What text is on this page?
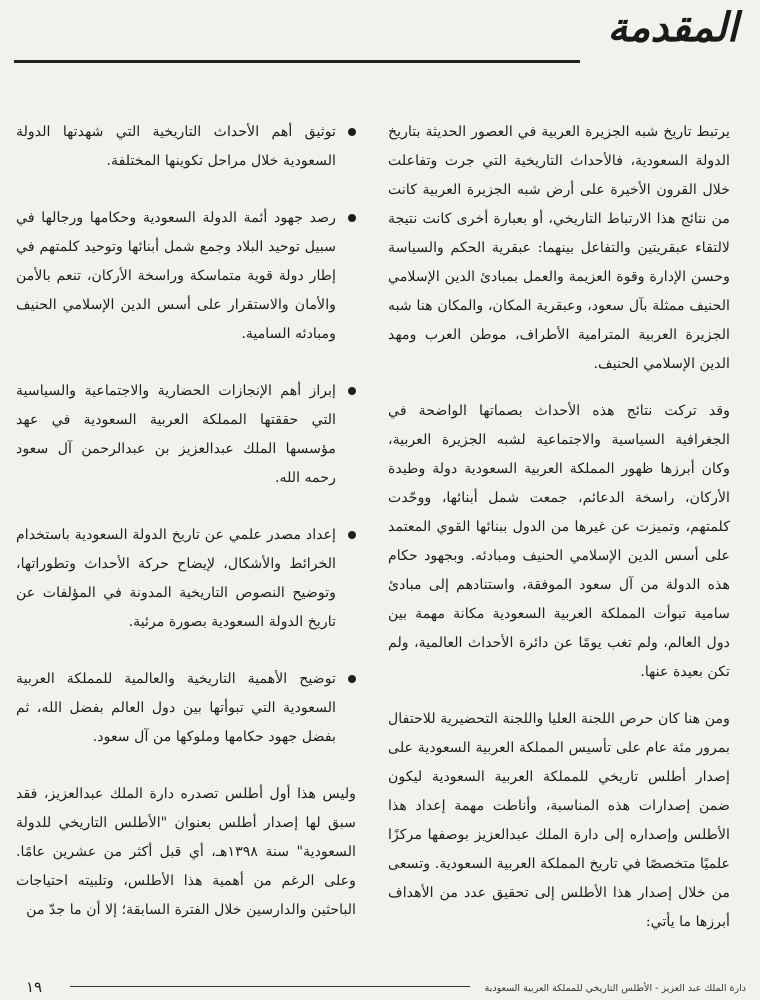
المقدمة

يرتبط تاريخ شبه الجزيرة العربية في العصور الحديثة بتاريخ الدولة السعودية، فالأحداث التاريخية التي جرت وتفاعلت خلال القرون الأخيرة على أرض شبه الجزيرة العربية كانت من نتائج هذا الارتباط التاريخي، أو بعبارة أخرى كانت نتيجة لالتقاء عبقريتين والتفاعل بينهما: عبقرية الحكم والسياسة وحسن الإدارة وقوة العزيمة والعمل بمبادئ الدين الإسلامي الحنيف ممثلة بآل سعود، وعبقرية المكان، والمكان هنا شبه الجزيرة العربية المترامية الأطراف، موطن العرب ومهد الدين الإسلامي الحنيف.

وقد تركت نتائج هذه الأحداث بصماتها الواضحة في الجغرافية السياسية والاجتماعية لشبه الجزيرة العربية، وكان أبرزها ظهور المملكة العربية السعودية دولة وطيدة الأركان، راسخة الدعائم، جمعت شمل أبنائها، ووحّدت كلمتهم، وتميزت عن غيرها من الدول ببنائها القوي المعتمد على أسس الدين الإسلامي الحنيف ومبادئه. وبجهود حكام هذه الدولة من آل سعود الموفقة، واستنادهم إلى مبادئ سامية تبوأت المملكة العربية السعودية مكانة مهمة بين دول العالم، ولم تغب يومًا عن دائرة الأحداث العالمية، ولم تكن بعيدة عنها.

ومن هنا كان حرص اللجنة العليا واللجنة التحضيرية للاحتفال بمرور مئة عام على تأسيس المملكة العربية السعودية على إصدار أطلس تاريخي للمملكة العربية السعودية ليكون ضمن إصدارات هذه المناسبة، وأناطت مهمة إعداد هذا الأطلس وإصداره إلى دارة الملك عبدالعزيز بوصفها مركزًا علميًا متخصصًا في تاريخ المملكة العربية السعودية. وتسعى من خلال إصدار هذا الأطلس إلى تحقيق عدد من الأهداف أبرزها ما يأتي:

توثيق أهم الأحداث التاريخية التي شهدتها الدولة السعودية خلال مراحل تكوينها المختلفة.
رصد جهود أئمة الدولة السعودية وحكامها ورجالها في سبيل توحيد البلاد وجمع شمل أبنائها وتوحيد كلمتهم في إطار دولة قوية متماسكة وراسخة الأركان، تنعم بالأمن والأمان والاستقرار على أسس الدين الإسلامي الحنيف ومبادئه السامية.
إبراز أهم الإنجازات الحضارية والاجتماعية والسياسية التي حققتها المملكة العربية السعودية في عهد مؤسسها الملك عبدالعزيز بن عبدالرحمن آل سعود رحمه الله.
إعداد مصدر علمي عن تاريخ الدولة السعودية باستخدام الخرائط والأشكال، لإيضاح حركة الأحداث وتطوراتها، وتوضيح النصوص التاريخية المدونة في المؤلفات عن تاريخ الدولة السعودية بصورة مرئية.
توضيح الأهمية التاريخية والعالمية للمملكة العربية السعودية التي تبوأتها بين دول العالم بفضل الله، ثم بفضل جهود حكامها وملوكها من آل سعود.

وليس هذا أول أطلس تصدره دارة الملك عبدالعزيز، فقد سبق لها إصدار أطلس بعنوان "الأطلس التاريخي للدولة السعودية" سنة ١٣٩٨هـ، أي قبل أكثر من عشرين عامًا. وعلى الرغم من أهمية هذا الأطلس، وتلبيته احتياجات الباحثين والدارسين خلال الفترة السابقة؛ إلا أن ما جدّ من

دارة الملك عبد العزيز - الأطلس التاريخي للمملكة العربية السعودية
١٩
